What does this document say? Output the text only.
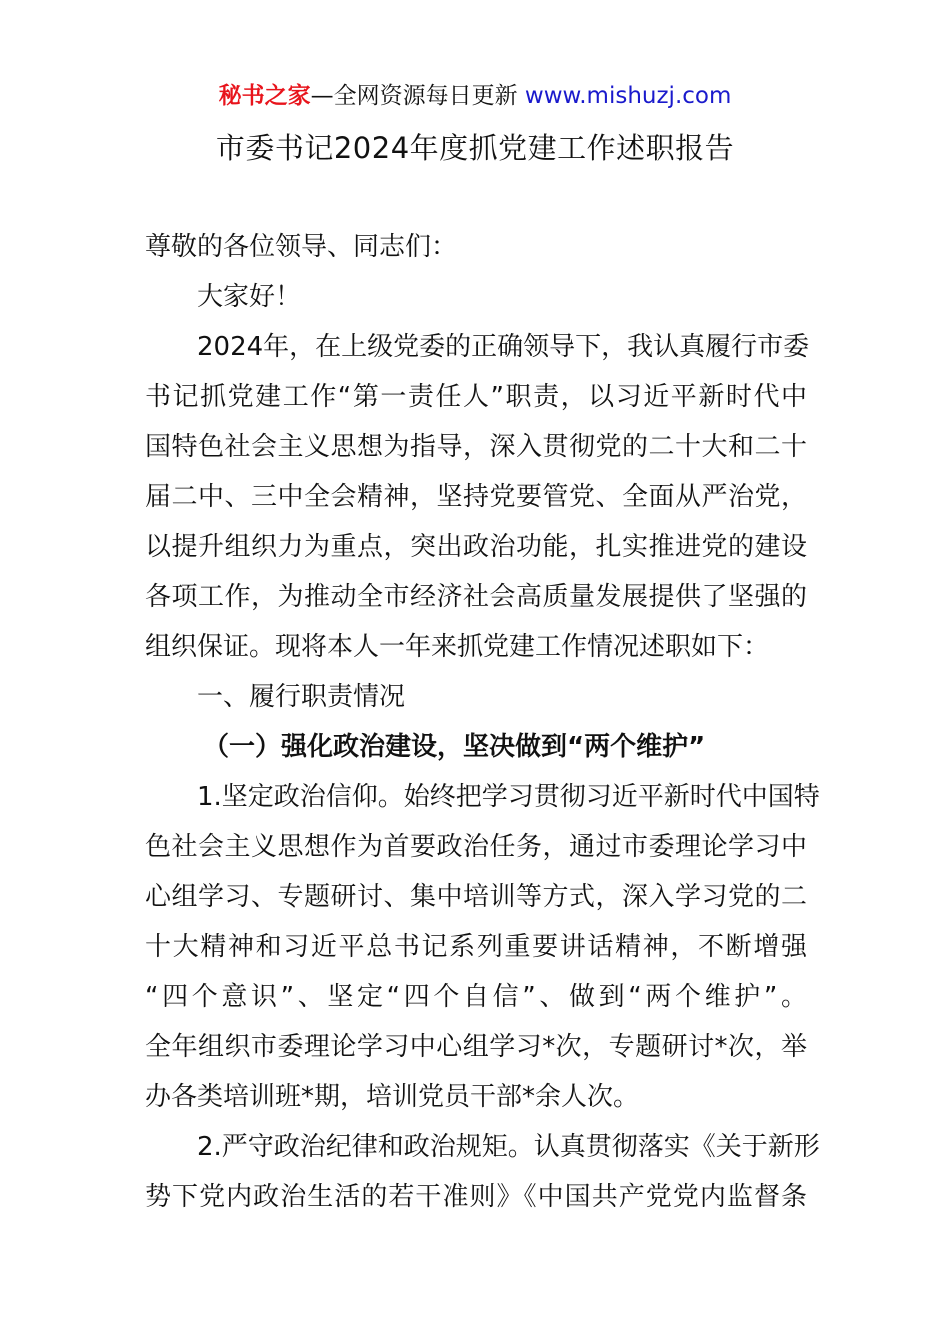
秘书之家—全网资源每日更新 www.mishuzj.com
市委书记2024年度抓党建工作述职报告
尊敬的各位领导、同志们：
大家好！
2024年，在上级党委的正确领导下，我认真履行市委
书记抓党建工作“第一责任人”职责，以习近平新时代中
国特色社会主义思想为指导，深入贯彻党的二十大和二十
届二中、三中全会精神，坚持党要管党、全面从严治党，
以提升组织力为重点，突出政治功能，扎实推进党的建设
各项工作，为推动全市经济社会高质量发展提供了坚强的
组织保证。现将本人一年来抓党建工作情况述职如下：
一、履行职责情况
（一）强化政治建设，坚决做到“两个维护”
1.坚定政治信仰。始终把学习贯彻习近平新时代中国特
色社会主义思想作为首要政治任务，通过市委理论学习中
心组学习、专题研讨、集中培训等方式，深入学习党的二
十大精神和习近平总书记系列重要讲话精神，不断增强
“四个意识”、坚定“四个自信”、做到“两个维护”。
全年组织市委理论学习中心组学习*次，专题研讨*次，举
办各类培训班*期，培训党员干部*余人次。
2.严守政治纪律和政治规矩。认真贯彻落实《关于新形
势下党内政治生活的若干准则》《中国共产党党内监督条
